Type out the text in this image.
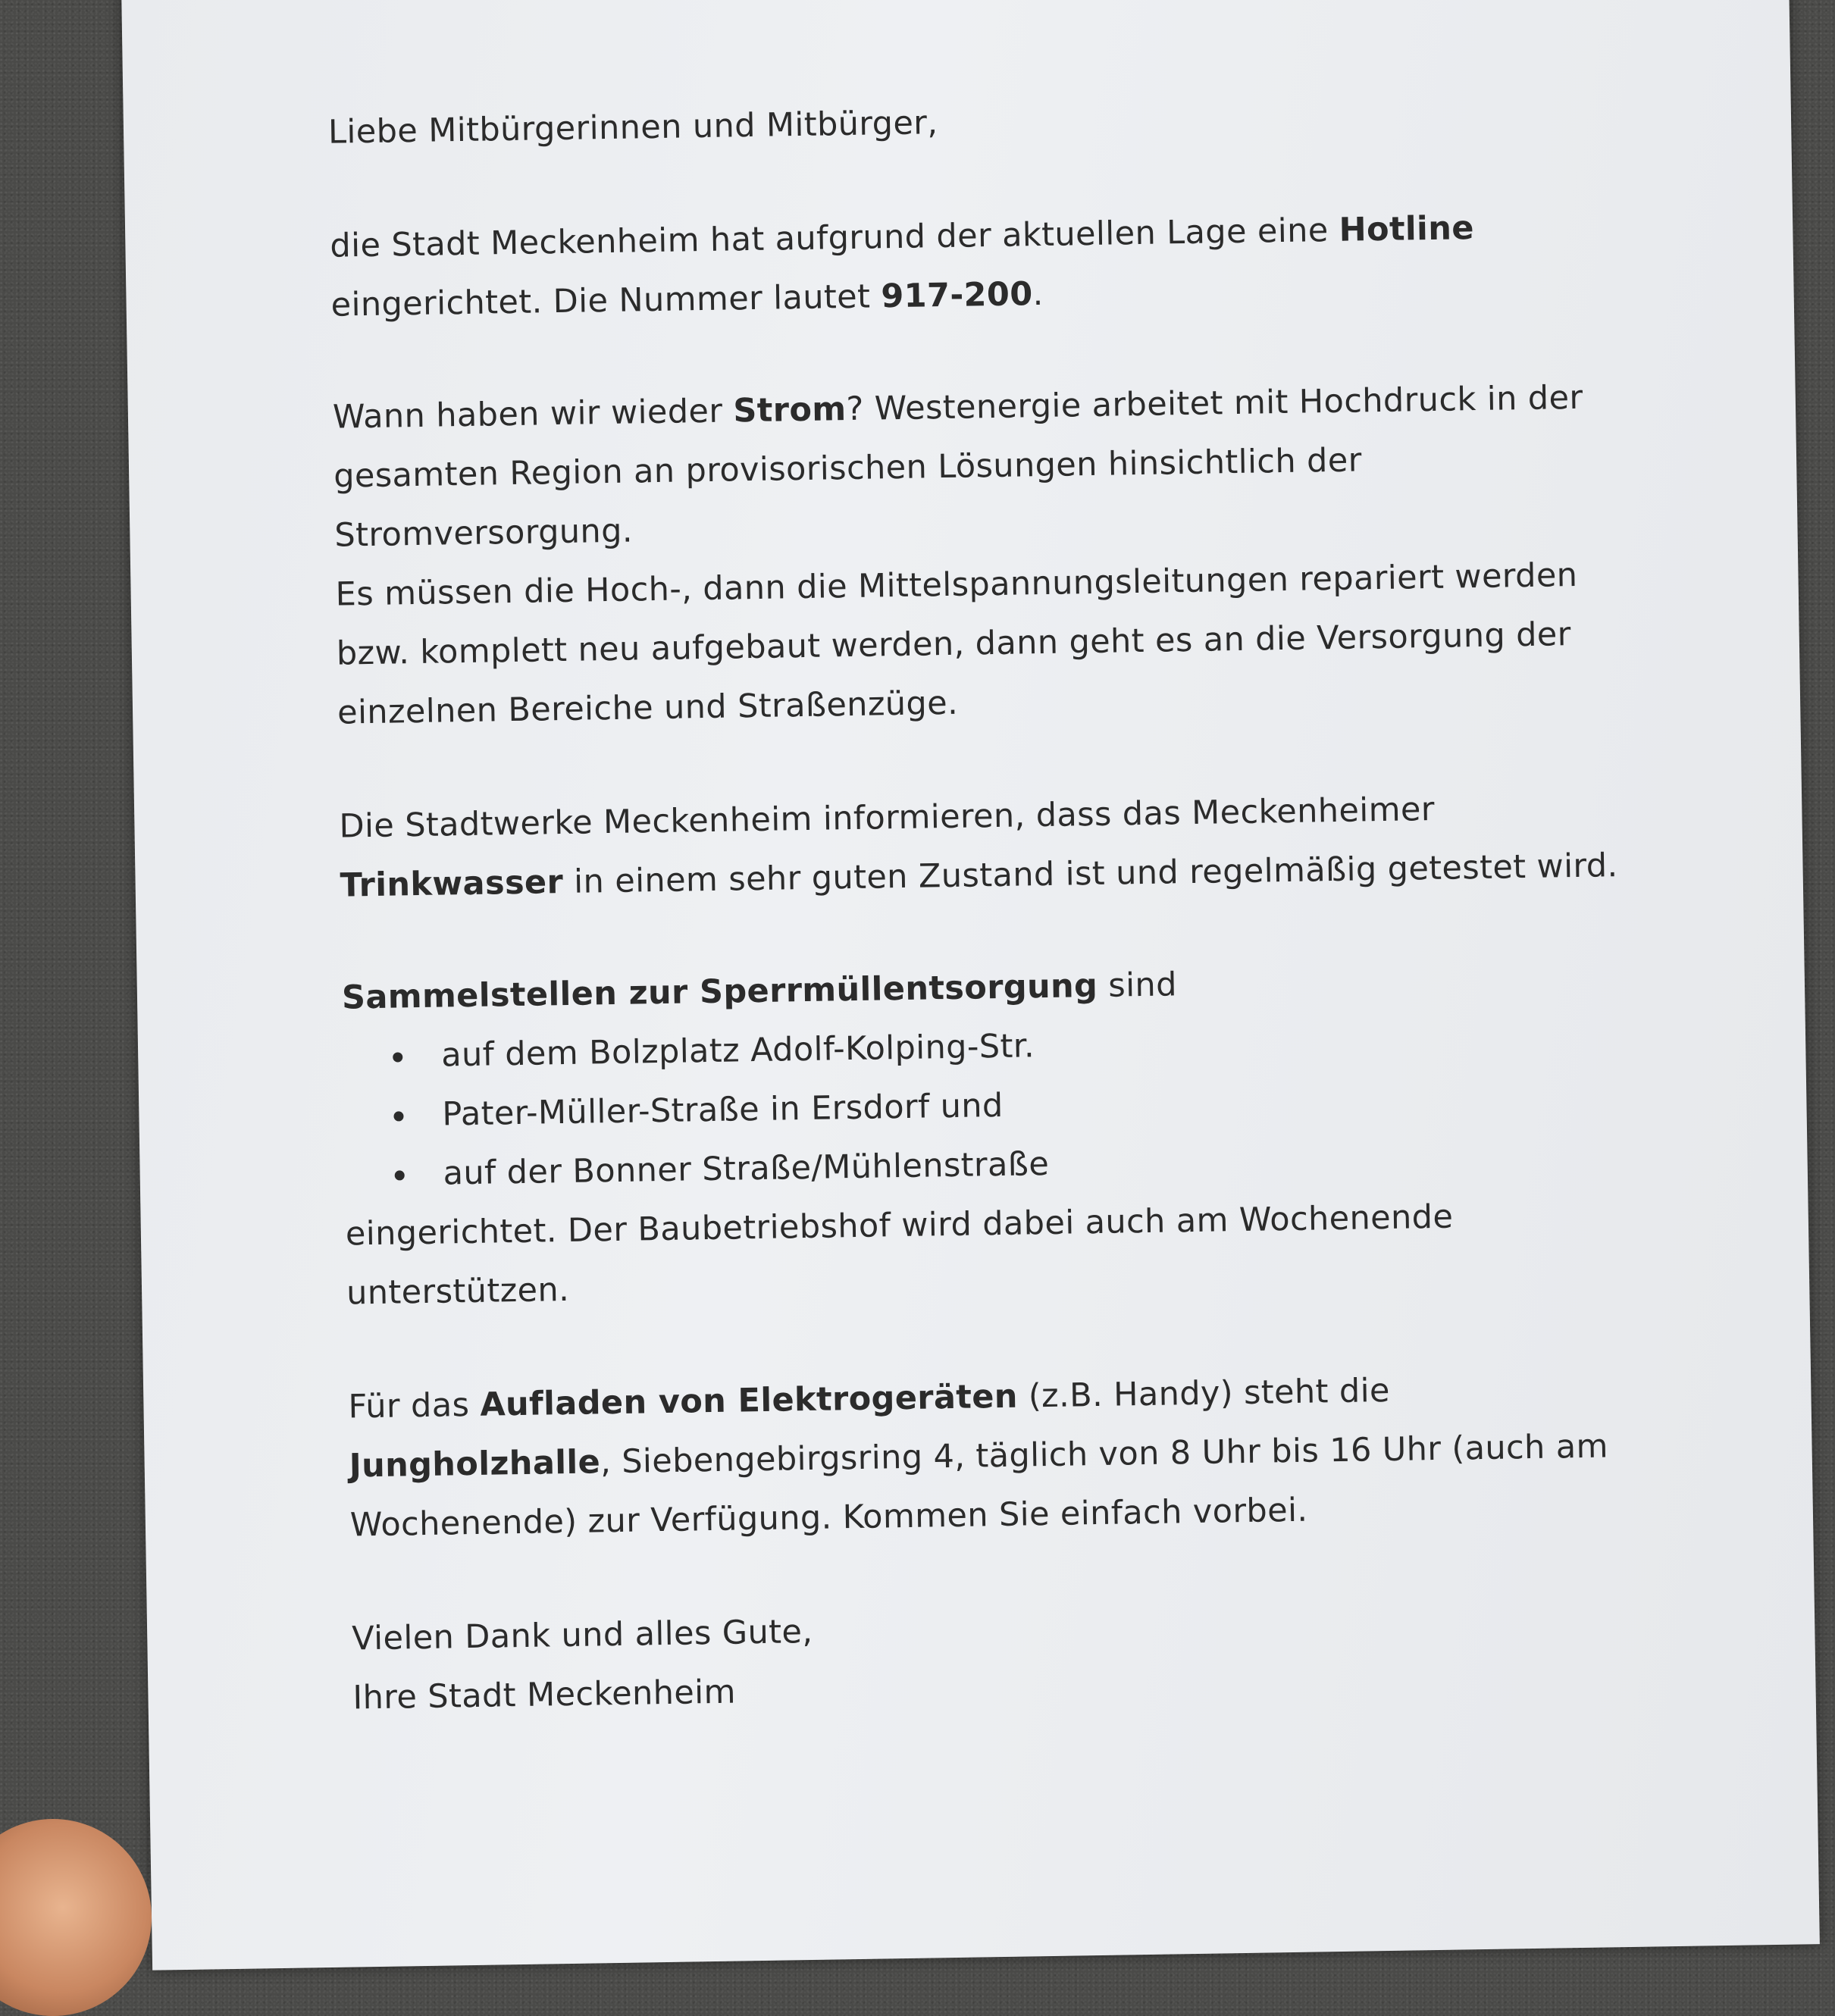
Liebe Mitbürgerinnen und Mitbürger,

die Stadt Meckenheim hat aufgrund der aktuellen Lage eine Hotline eingerichtet. Die Nummer lautet 917-200.

Wann haben wir wieder Strom? Westenergie arbeitet mit Hochdruck in der gesamten Region an provisorischen Lösungen hinsichtlich der Stromversorgung.

Es müssen die Hoch-, dann die Mittelspannungsleitungen repariert werden bzw. komplett neu aufgebaut werden, dann geht es an die Versorgung der einzelnen Bereiche und Straßenzüge.

Die Stadtwerke Meckenheim informieren, dass das Meckenheimer Trinkwasser in einem sehr guten Zustand ist und regelmäßig getestet wird.

Sammelstellen zur Sperrmüllentsorgung sind

auf dem Bolzplatz Adolf-Kolping-Str.
Pater-Müller-Straße in Ersdorf und
auf der Bonner Straße/Mühlenstraße

eingerichtet. Der Baubetriebshof wird dabei auch am Wochenende unterstützen.

Für das Aufladen von Elektrogeräten (z.B. Handy) steht die Jungholzhalle, Siebengebirgsring 4, täglich von 8 Uhr bis 16 Uhr (auch am Wochenende) zur Verfügung. Kommen Sie einfach vorbei.

Vielen Dank und alles Gute,

Ihre Stadt Meckenheim
